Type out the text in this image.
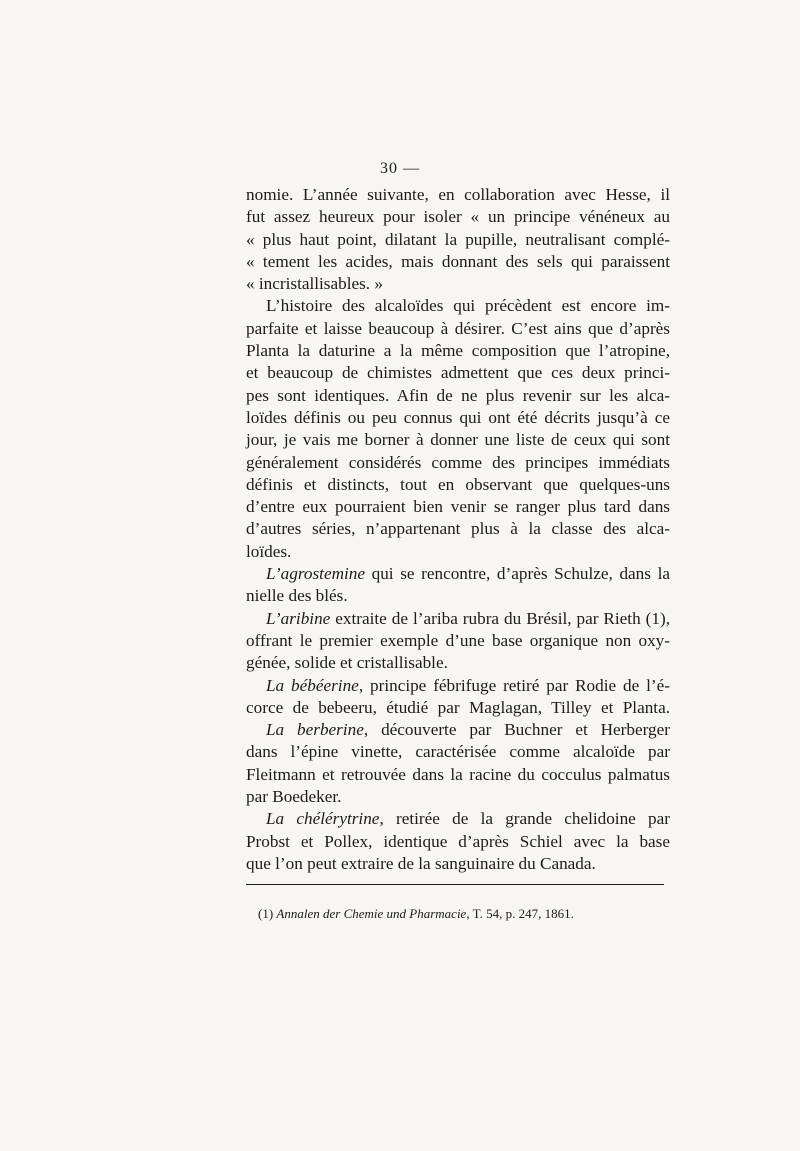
30 —
nomie. L’année suivante, en collaboration avec Hesse, il
fut assez heureux pour isoler « un principe vénéneux au
« plus haut point, dilatant la pupille, neutralisant complé-
« tement les acides, mais donnant des sels qui paraissent
« incristallisables. »
L’histoire des alcaloïdes qui précèdent est encore im-
parfaite et laisse beaucoup à désirer. C’est ains que d’après
Planta la daturine a la même composition que l’atropine,
et beaucoup de chimistes admettent que ces deux princi-
pes sont identiques. Afin de ne plus revenir sur les alca-
loïdes définis ou peu connus qui ont été décrits jusqu’à ce
jour, je vais me borner à donner une liste de ceux qui sont
généralement considérés comme des principes immédiats
définis et distincts, tout en observant que quelques-uns
d’entre eux pourraient bien venir se ranger plus tard dans
d’autres séries, n’appartenant plus à la classe des alca-
loïdes.
L’agrostemine qui se rencontre, d’après Schulze, dans la
nielle des blés.
L’aribine extraite de l’ariba rubra du Brésil, par Rieth (1),
offrant le premier exemple d’une base organique non oxy-
génée, solide et cristallisable.
La bébéerine, principe fébrifuge retiré par Rodie de l’é-
corce de bebeeru, étudié par Maglagan, Tilley et Planta.
La berberine, découverte par Buchner et Herberger
dans l’épine vinette, caractérisée comme alcaloïde par
Fleitmann et retrouvée dans la racine du cocculus palmatus
par Boedeker.
La chélérytrine, retirée de la grande chelidoine par
Probst et Pollex, identique d’après Schiel avec la base
que l’on peut extraire de la sanguinaire du Canada.
(1) Annalen der Chemie und Pharmacie, T. 54, p. 247, 1861.
